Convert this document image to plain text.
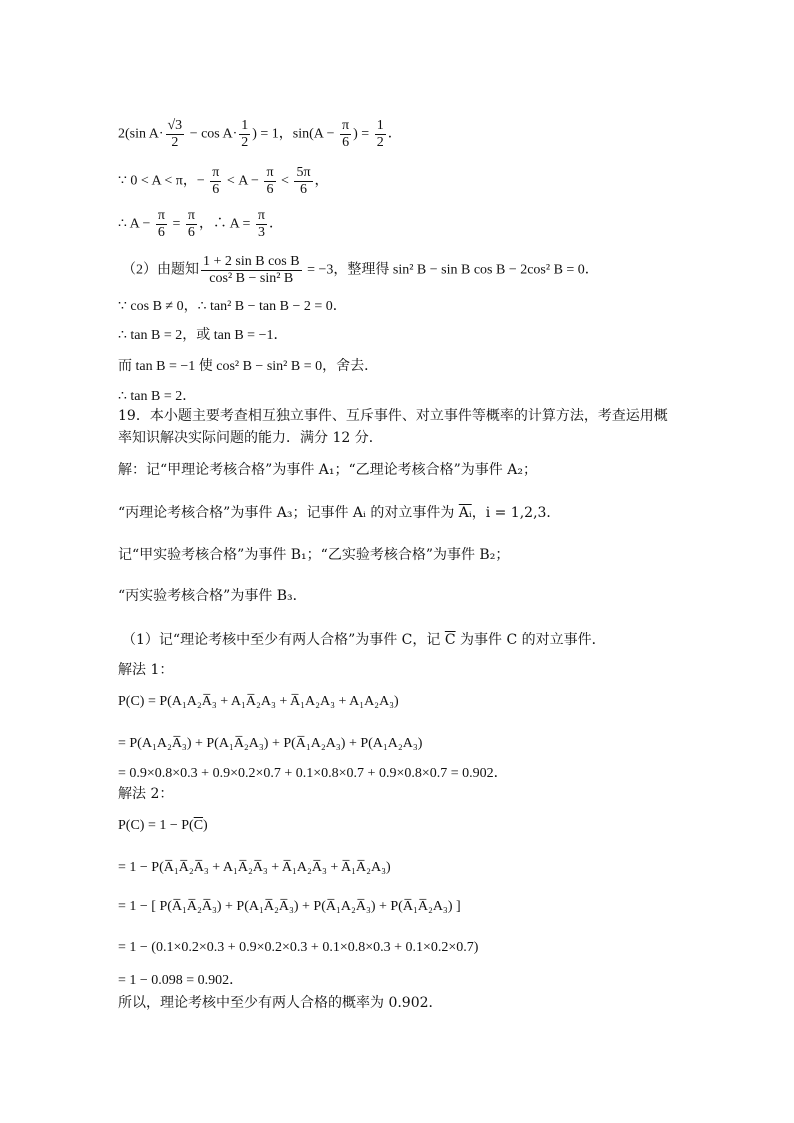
2(sin $A\cdot \frac{√3}{2} - \cos A\cdot \frac{1}{2}$ ) = 1，$\sin(A - \frac{\pi}{6}$ ) = $\frac{1}{2}$ ．
∵ 0 < A < π，− $\frac{\pi}{6} < A - \frac{\pi}{6} < \frac{5\pi}{6}$ ，
∴ $A - \frac{\pi}{6} = \frac{\pi}{6}$ ，∴ $A = \frac{\pi}{3}$ ．
（2）由题知 $\frac{\text{1 + 2 sin B cos B}}{\text{cos² B − sin² B}} = -3$，整理得 sin² B − sin B cos B − 2cos² B = 0．
∵ cos B ≠ 0，∴ tan² B − tan B − 2 = 0．
∴ tan B = 2，或 tan B = −1．
而 tan B = −1 使 cos² B − sin² B = 0，舍去．
∴ tan B = 2．
19．本小题主要考查相互独立事件、互斥事件、对立事件等概率的计算方法，考查运用概率知识解决实际问题的能力．满分 12 分．
解：记“甲理论考核合格”为事件 A₁；“乙理论考核合格”为事件 A₂；
“丙理论考核合格”为事件 A₃；记事件 Aᵢ 的对立事件为 $\overline{Aᵢ}$，i = 1,2,3．
记“甲实验考核合格”为事件 B₁；“乙实验考核合格”为事件 B₂；
“丙实验考核合格”为事件 B₃．
（1）记“理论考核中至少有两人合格”为事件 C，记 $\overline{C}$ 为事件 C 的对立事件．
解法 1：
P(C) = P(A₁A₂A̅₃ + A₁A̅₂A₃ + A̅₁A₂A₃ + A₁A₂A₃)
= P(A₁A₂A̅₃) + P(A₁A̅₂A₃) + P(A̅₁A₂A₃) + P(A₁A₂A₃)
= 0.9×0.8×0.3 + 0.9×0.2×0.7 + 0.1×0.8×0.7 + 0.9×0.8×0.7 = 0.902．
解法 2：
$P(C) = 1 - P(\overline{C})$
= 1 − P(A̅₁A̅₂A̅₃ + A₁A̅₂A̅₃ + A̅₁A₂A̅₃ + A̅₁A̅₂A₃)
= 1 − [ P(A̅₁A̅₂A̅₃) + P(A₁A̅₂A̅₃) + P(A̅₁A₂A̅₃) + P(A̅₁A̅₂A₃) ]
= 1 − (0.1×0.2×0.3 + 0.9×0.2×0.3 + 0.1×0.8×0.3 + 0.1×0.2×0.7)
= 1 − 0.098 = 0.902．
所以，理论考核中至少有两人合格的概率为 0.902．
